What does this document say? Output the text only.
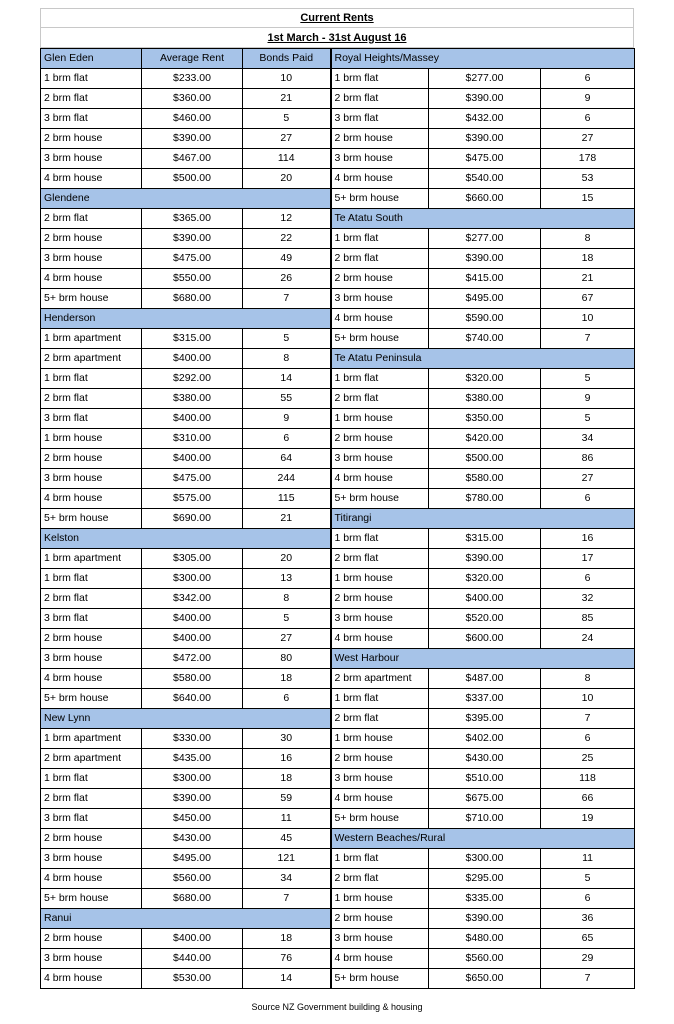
Current Rents
1st March - 31st August 16
Glen Eden	Average Rent	Bonds Paid	Royal Heights/Massey		
1 brm flat	$233.00	10	1 brm flat	$277.00	6
2 brm flat	$360.00	21	2 brm flat	$390.00	9
3 brm flat	$460.00	5	3 brm flat	$432.00	6
2 brm house	$390.00	27	2 brm house	$390.00	27
3 brm house	$467.00	114	3 brm house	$475.00	178
4 brm house	$500.00	20	4 brm house	$540.00	53
Glendene			5+ brm house	$660.00	15
2 brm flat	$365.00	12	Te Atatu South		
2 brm house	$390.00	22	1 brm flat	$277.00	8
3 brm house	$475.00	49	2 brm flat	$390.00	18
4 brm house	$550.00	26	2 brm house	$415.00	21
5+ brm house	$680.00	7	3 brm house	$495.00	67
Henderson			4 brm house	$590.00	10
1 brm apartment	$315.00	5	5+ brm house	$740.00	7
2 brm apartment	$400.00	8	Te Atatu Peninsula		
1 brm flat	$292.00	14	1 brm flat	$320.00	5
2 brm flat	$380.00	55	2 brm flat	$380.00	9
3 brm flat	$400.00	9	1 brm house	$350.00	5
1 brm house	$310.00	6	2 brm house	$420.00	34
2 brm house	$400.00	64	3 brm house	$500.00	86
3 brm house	$475.00	244	4 brm house	$580.00	27
4 brm house	$575.00	115	5+ brm house	$780.00	6
5+ brm house	$690.00	21	Titirangi		
Kelston			1 brm flat	$315.00	16
1 brm apartment	$305.00	20	2 brm flat	$390.00	17
1 brm flat	$300.00	13	1 brm house	$320.00	6
2 brm flat	$342.00	8	2 brm house	$400.00	32
3 brm flat	$400.00	5	3 brm house	$520.00	85
2 brm house	$400.00	27	4 brm house	$600.00	24
3 brm house	$472.00	80	West Harbour		
4 brm house	$580.00	18	2 brm apartment	$487.00	8
5+ brm house	$640.00	6	1 brm flat	$337.00	10
New Lynn			2 brm flat	$395.00	7
1 brm apartment	$330.00	30	1 brm house	$402.00	6
2 brm apartment	$435.00	16	2 brm house	$430.00	25
1 brm flat	$300.00	18	3 brm house	$510.00	118
2 brm flat	$390.00	59	4 brm house	$675.00	66
3 brm flat	$450.00	11	5+ brm house	$710.00	19
2 brm house	$430.00	45	Western Beaches/Rural		
3 brm house	$495.00	121	1 brm flat	$300.00	11
4 brm house	$560.00	34	2 brm flat	$295.00	5
5+ brm house	$680.00	7	1 brm house	$335.00	6
Ranui			2 brm house	$390.00	36
2 brm house	$400.00	18	3 brm house	$480.00	65
3 brm house	$440.00	76	4 brm house	$560.00	29
4 brm house	$530.00	14	5+ brm house	$650.00	7
Source NZ Government building & housing
